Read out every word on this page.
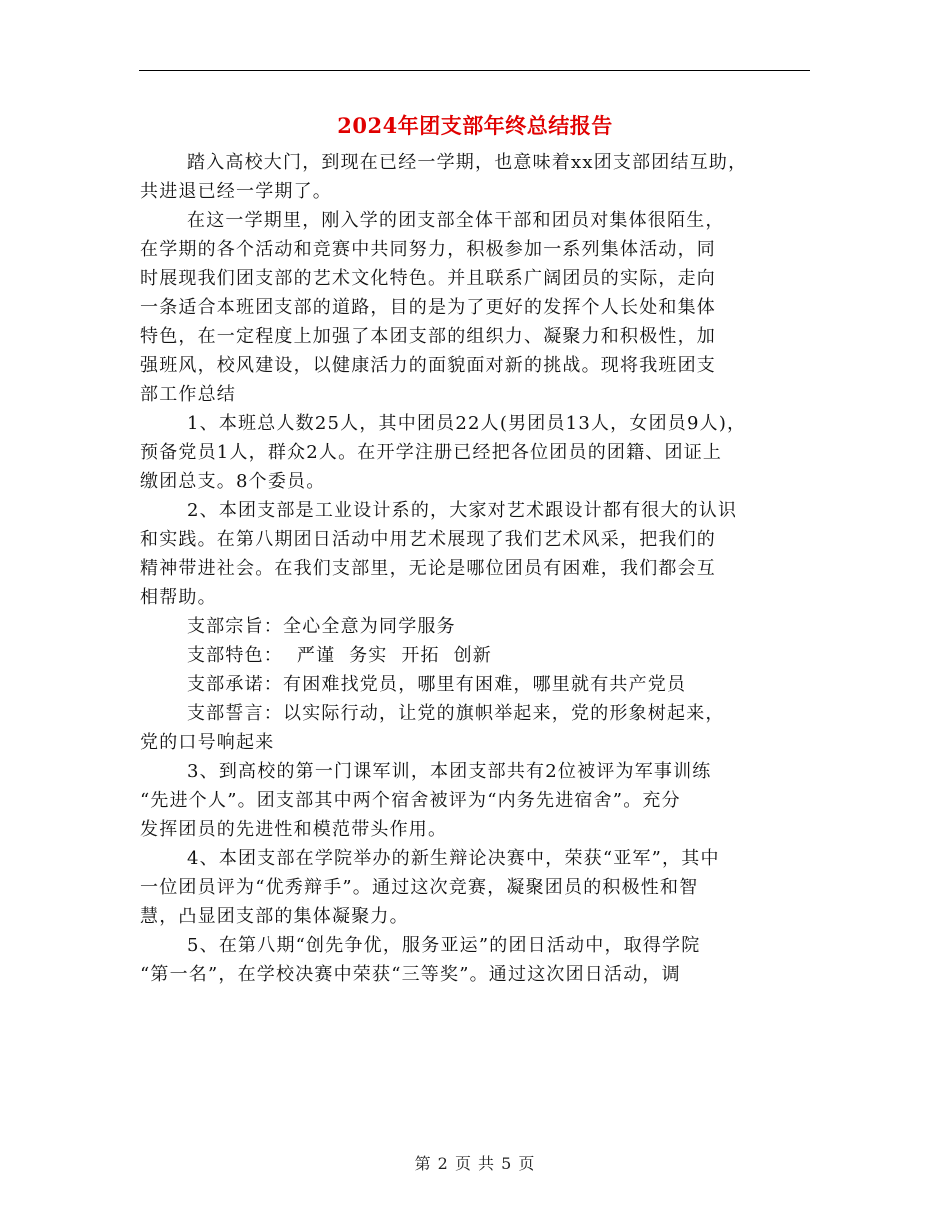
2024年团支部年终总结报告
踏入高校大门，到现在已经一学期，也意味着xx团支部团结互助，
共进退已经一学期了。
在这一学期里，刚入学的团支部全体干部和团员对集体很陌生，
在学期的各个活动和竞赛中共同努力，积极参加一系列集体活动，同
时展现我们团支部的艺术文化特色。并且联系广阔团员的实际，走向
一条适合本班团支部的道路，目的是为了更好的发挥个人长处和集体
特色，在一定程度上加强了本团支部的组织力、凝聚力和积极性，加
强班风，校风建设，以健康活力的面貌面对新的挑战。现将我班团支
部工作总结
1、本班总人数25人，其中团员22人(男团员13人，女团员9人)，
预备党员1人，群众2人。在开学注册已经把各位团员的团籍、团证上
缴团总支。8个委员。
2、本团支部是工业设计系的，大家对艺术跟设计都有很大的认识
和实践。在第八期团日活动中用艺术展现了我们艺术风采，把我们的
精神带进社会。在我们支部里，无论是哪位团员有困难，我们都会互
相帮助。
支部宗旨：全心全意为同学服务
支部特色：  严谨  务实  开拓  创新
支部承诺：有困难找党员，哪里有困难，哪里就有共产党员
支部誓言：以实际行动，让党的旗帜举起来，党的形象树起来，
党的口号响起来
3、到高校的第一门课军训，本团支部共有2位被评为军事训练
“先进个人”。团支部其中两个宿舍被评为“内务先进宿舍”。充分
发挥团员的先进性和模范带头作用。
4、本团支部在学院举办的新生辩论决赛中，荣获“亚军”，其中
一位团员评为“优秀辩手”。通过这次竞赛，凝聚团员的积极性和智
慧，凸显团支部的集体凝聚力。
5、在第八期“创先争优，服务亚运”的团日活动中，取得学院
“第一名”，在学校决赛中荣获“三等奖”。通过这次团日活动，调
第 2 页 共 5 页
